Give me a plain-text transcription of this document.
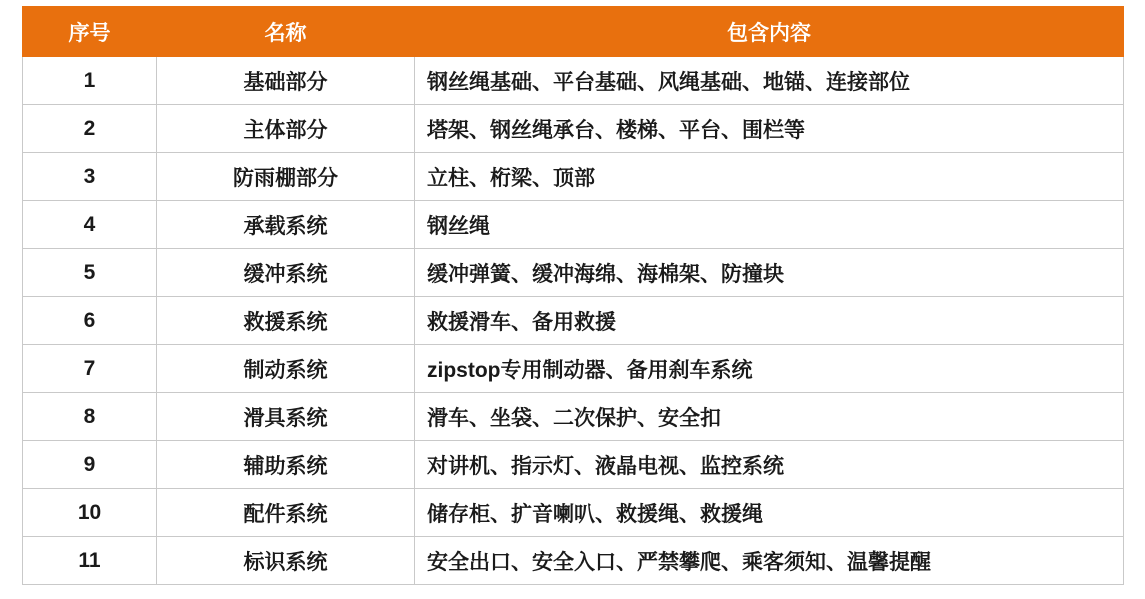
序号	名称	包含内容
1	基础部分	钢丝绳基础、平台基础、风绳基础、地锚、连接部位
2	主体部分	塔架、钢丝绳承台、楼梯、平台、围栏等
3	防雨棚部分	立柱、桁梁、顶部
4	承载系统	钢丝绳
5	缓冲系统	缓冲弹簧、缓冲海绵、海棉架、防撞块
6	救援系统	救援滑车、备用救援
7	制动系统	zipstop专用制动器、备用刹车系统
8	滑具系统	滑车、坐袋、二次保护、安全扣
9	辅助系统	对讲机、指示灯、液晶电视、监控系统
10	配件系统	储存柜、扩音喇叭、救援绳、救援绳
11	标识系统	安全出口、安全入口、严禁攀爬、乘客须知、温馨提醒
